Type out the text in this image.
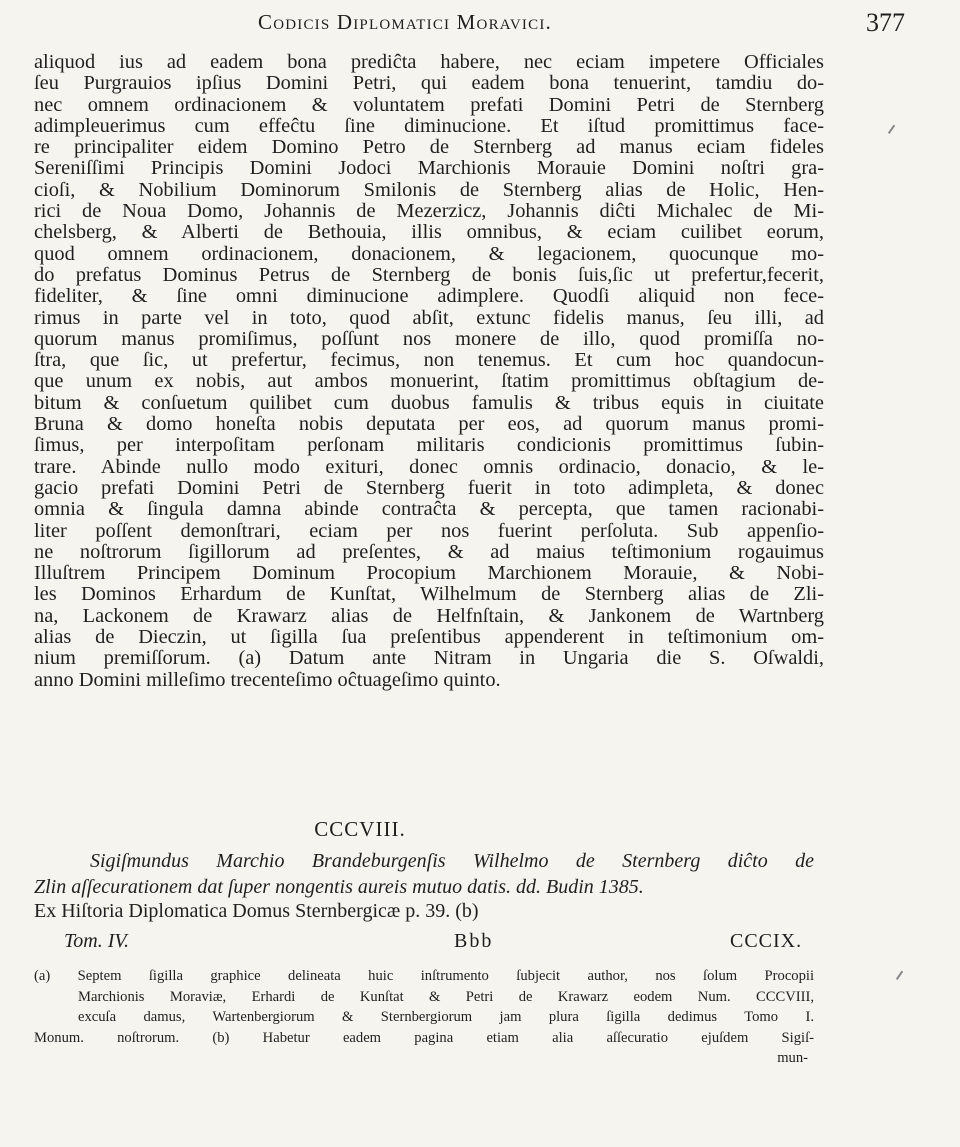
Codicis Diplomatici Moravici.	377
aliquod ius ad eadem bona prediĉta habere, nec eciam impetere Officiales
ſeu Purgrauios ipſius Domini Petri, qui eadem bona tenuerint, tamdiu do-
nec omnem ordinacionem & voluntatem prefati Domini Petri de Sternberg
adimpleuerimus cum effeĉtu ſine diminucione. Et iſtud promittimus face-
re principaliter eidem Domino Petro de Sternberg ad manus eciam fideles
Sereniſſimi Principis Domini Jodoci Marchionis Morauie Domini noſtri gra-
cioſi, & Nobilium Dominorum Smilonis de Sternberg alias de Holic, Hen-
rici de Noua Domo, Johannis de Mezerzicz, Johannis diĉti Michalec de Mi-
chelsberg, & Alberti de Bethouia, illis omnibus, & eciam cuilibet eorum,
quod omnem ordinacionem, donacionem, & legacionem, quocunque mo-
do prefatus Dominus Petrus de Sternberg de bonis ſuis,ſic ut prefertur,fecerit,
fideliter, & ſine omni diminucione adimplere. Quodſi aliquid non fece-
rimus in parte vel in toto, quod abſit, extunc fidelis manus, ſeu illi, ad
quorum manus promiſimus, poſſunt nos monere de illo, quod promiſſa no-
ſtra, que ſic, ut prefertur, fecimus, non tenemus. Et cum hoc quandocun-
que unum ex nobis, aut ambos monuerint, ſtatim promittimus obſtagium de-
bitum & conſuetum quilibet cum duobus famulis & tribus equis in ciuitate
Bruna & domo honeſta nobis deputata per eos, ad quorum manus promi-
ſimus, per interpoſitam perſonam militaris condicionis promittimus ſubin-
trare. Abinde nullo modo exituri, donec omnis ordinacio, donacio, & le-
gacio prefati Domini Petri de Sternberg fuerit in toto adimpleta, & donec
omnia & ſingula damna abinde contraĉta & percepta, que tamen racionabi-
liter poſſent demonſtrari, eciam per nos fuerint perſoluta. Sub appenſio-
ne noſtrorum ſigillorum ad preſentes, & ad maius teſtimonium rogauimus
Illuſtrem Principem Dominum Procopium Marchionem Morauie, & Nobi-
les Dominos Erhardum de Kunſtat, Wilhelmum de Sternberg alias de Zli-
na, Lackonem de Krawarz alias de Helfnſtain, & Jankonem de Wartnberg
alias de Dieczin, ut ſigilla ſua preſentibus appenderent in teſtimonium om-
nium premiſſorum. (a) Datum ante Nitram in Ungaria die S. Oſwaldi,
anno Domini milleſimo trecenteſimo oĉtuageſimo quinto.
CCCVIII.
Sigiſmundus Marchio Brandeburgenſis Wilhelmo de Sternberg diĉto de
Zlin aſſecurationem dat ſuper nongentis aureis mutuo datis. dd. Budin 1385.
Ex Hiſtoria Diplomatica Domus Sternbergicæ p. 39. (b)
Tom. IV.	Bbb	CCCIX.
(a) Septem ſigilla graphice delineata huic inſtrumento ſubjecit author, nos ſolum Procopii
Marchionis Moraviæ, Erhardi de Kunſtat & Petri de Krawarz eodem Num. CCCVIII,
excuſa damus, Wartenbergiorum & Sternbergiorum jam plura ſigilla dedimus Tomo I.
Monum. noſtrorum. (b) Habetur eadem pagina etiam alia aſſecuratio ejuſdem Sigiſ-
mun-
